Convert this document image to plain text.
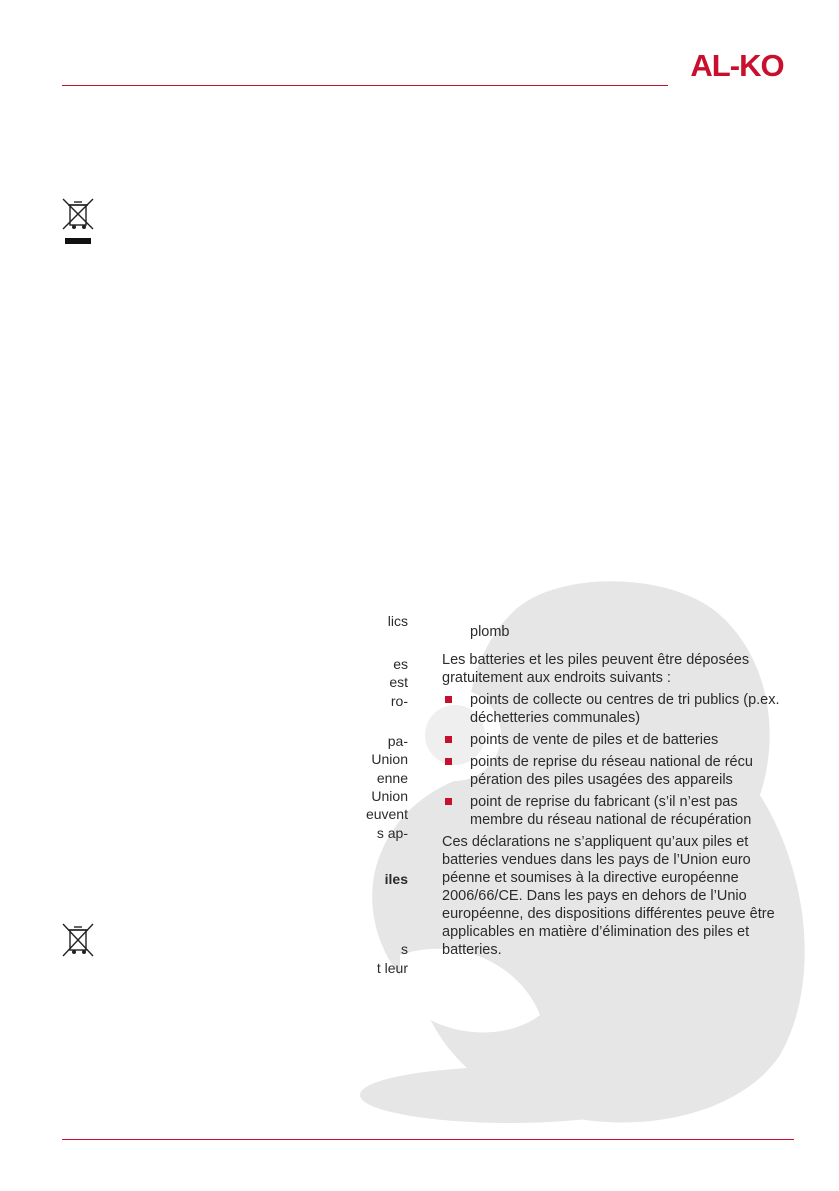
AL-KO
lics
es
est
ro-
pa-
Union
enne
Union
euvent
s ap-
iles
s
t leur

plomb

Les batteries et les piles peuvent être déposées gratuitement aux endroits suivants :

points de collecte ou centres de tri publics (p.ex. déchetteries communales)
points de vente de piles et de batteries
points de reprise du réseau national de récu pération des piles usagées des appareils
point de reprise du fabricant (s’il n’est pas membre du réseau national de récupération

Ces déclarations ne s’appliquent qu’aux piles et batteries vendues dans les pays de l’Union euro péenne et soumises à la directive européenne 2006/66/CE. Dans les pays en dehors de l’Unio européenne, des dispositions différentes peuve être applicables en matière d’élimination des piles et batteries.
